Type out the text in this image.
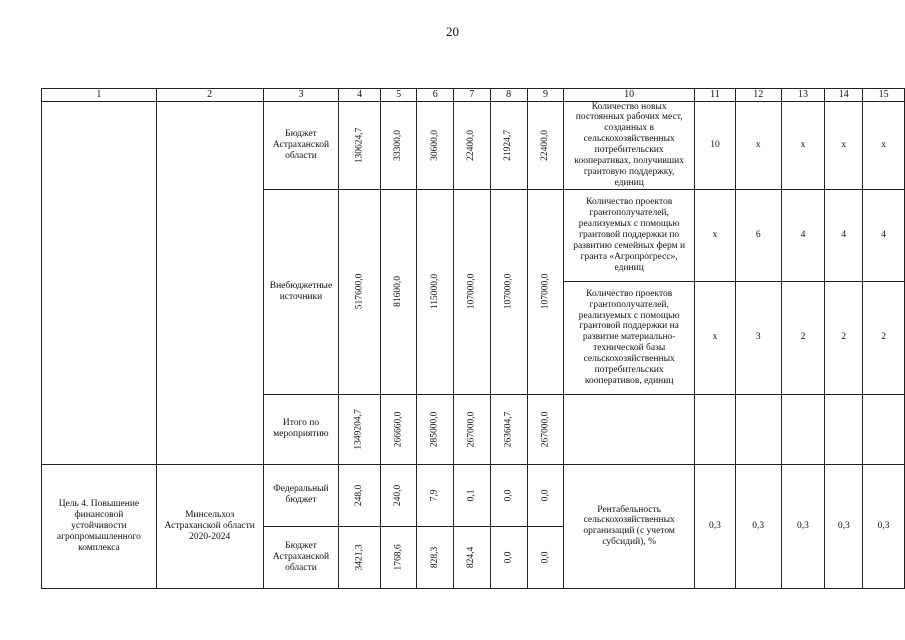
20
1	2	3	4	5	6	7	8	9	10	11	12	13	14	15
		Бюджет Астраханской области	130624,7	33300,0	30600,0	22400,0	21924,7	22400,0	Количество новых постоянных рабочих мест, созданных в сельскохозяйственных потребительских кооперативах, получивших грантовую поддержку, единиц	10	x	x	x	x
		Внебюджетные источники	517600,0	81600,0	115000,0	107000,0	107000,0	107000,0	Количество проектов грантополучателей, реализуемых с помощью грантовой поддержки по развитию семейных ферм и гранта «Агропрогресс», единиц	x	6	4	4	4
									Количество проектов грантополучателей, реализуемых с помощью грантовой поддержки на развитие материально-технической базы сельскохозяйственных потребительских кооперативов, единиц	x	3	2	2	2
		Итого по мероприятию	1349204,7	266660,0	285000,0	267000,0	263604,7	267000,0						
Цель 4. Повышение финансовой устойчивости агропромышленного комплекса	Минсельхоз Астраханской области 2020-2024	Федеральный бюджет	248,0	240,0	7,9	0,1	0,0	0,0	Рентабельность сельскохозяйственных организаций (с учетом субсидий), %	0,3	0,3	0,3	0,3	0,3
		Бюджет Астраханской области	3421,3	1768,6	828,3	824,4	0,0	0,0						
